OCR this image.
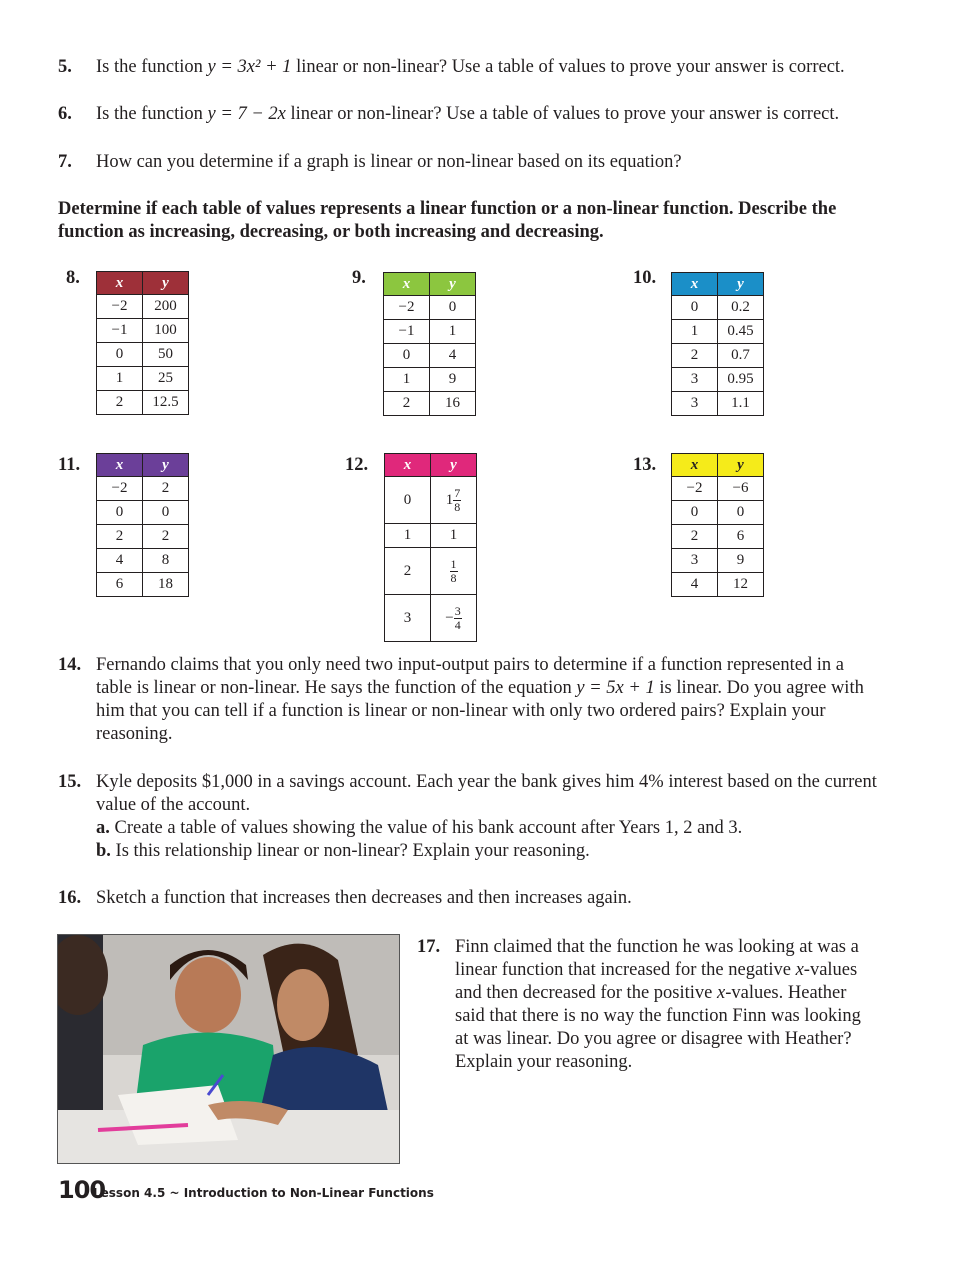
5. Is the function y = 3x² + 1 linear or non-linear? Use a table of values to prove your answer is correct.
6. Is the function y = 7 − 2x linear or non-linear? Use a table of values to prove your answer is correct.
7. How can you determine if a graph is linear or non-linear based on its equation?
Determine if each table of values represents a linear function or a non-linear function. Describe the function as increasing, decreasing, or both increasing and decreasing.
8. x	y
−2	200
−1	100
0	50
1	25
2	12.5
9. x	y
−2	0
−1	1
0	4
1	9
2	16
10. x	y
0	0.2
1	0.45
2	0.7
3	0.95
3	1.1
11. x	y
−2	2
0	0
2	2
4	8
6	18
12. x	y
0	$1 \frac{7}{8}$

1	1
2	$\frac{1}{8}$

3	− $\frac{3}{4}$
13. x	y
−2	−6
0	0
2	6
3	9
4	12
14. Fernando claims that you only need two input-output pairs to determine if a function represented in a table is linear or non-linear. He says the function of the equation y = 5x + 1 is linear. Do you agree with him that you can tell if a function is linear or non-linear with only two ordered pairs? Explain your reasoning.
15. Kyle deposits $1,000 in a savings account. Each year the bank gives him 4% interest based on the current value of the account.
a. Create a table of values showing the value of his bank account after Years 1, 2 and 3.
b. Is this relationship linear or non-linear? Explain your reasoning.
16. Sketch a function that increases then decreases and then increases again.
17. Finn claimed that the function he was looking at was a linear function that increased for the negative x-values and then decreased for the positive x-values. Heather said that there is no way the function Finn was looking at was linear. Do you agree or disagree with Heather? Explain your reasoning.
100
Lesson 4.5 ~ Introduction to Non-Linear Functions
